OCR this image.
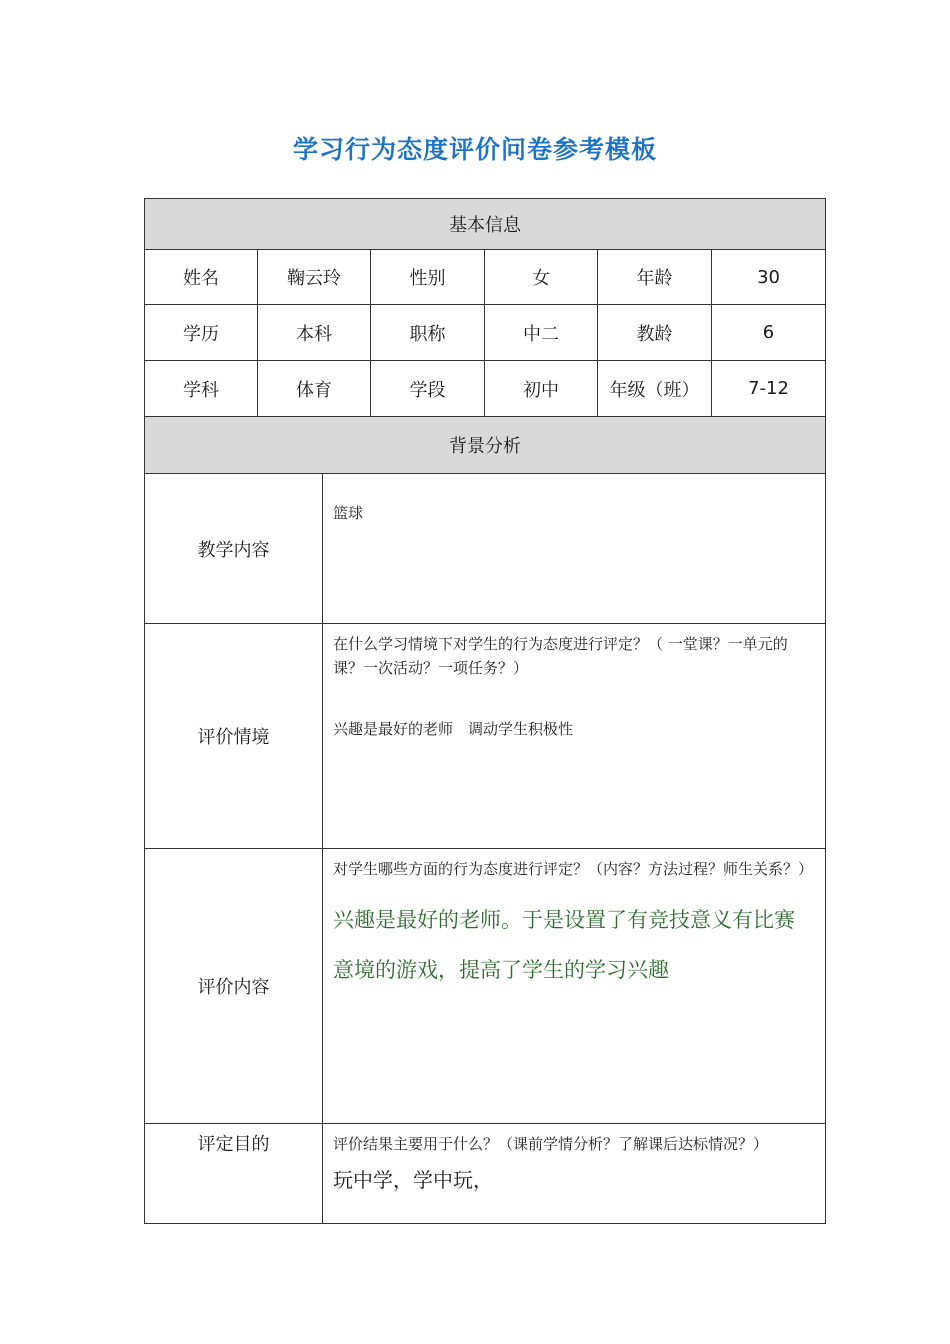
学习行为态度评价问卷参考模板
基本信息						
姓名	鞠云玲		性别	女	年龄	30
学历	本科		职称	中二	教龄	6
学科	体育		学段	初中	年级（班）	7-12
背景分析						
教学内容		篮球				
评价情境		在什么学习情境下对学生的行为态度进行评定？（ 一堂课？一单元的课？一次活动？一项任务？）
兴趣是最好的老师　调动学生积极性				

评价内容		对学生哪些方面的行为态度进行评定？（内容？方法过程？师生关系？）
兴趣是最好的老师。于是设置了有竞技意义有比赛意境的游戏，提高了学生的学习兴趣				

评定目的		评价结果主要用于什么？（课前学情分析？了解课后达标情况？）
玩中学，学中玩，				
